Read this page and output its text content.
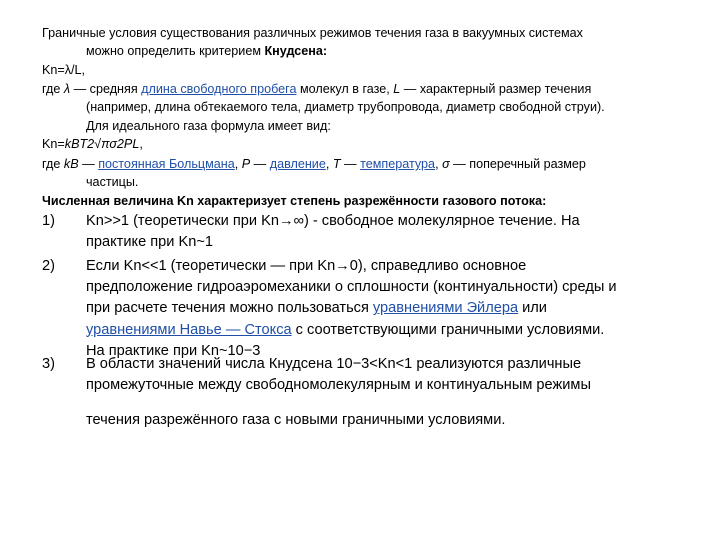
Граничные условия существования различных режимов течения газа в вакуумных системах
можно определить критерием Кнудсена:

Kn=λ/L,

где λ — средняя длина свободного пробега молекул в газе, L — характерный размер течения
(например, длина обтекаемого тела, диаметр трубопровода, диаметр свободной струи).
Для идеального газа формула имеет вид:

Kn=kBT2√πσ2PL,

где kB — постоянная Больцмана, P — давление, T — температура, σ — поперечный размер
частицы.

Численная величина Kn характеризует степень разрежённости газового потока:

1) Kn>>1 (теоретически при Kn→∞) - свободное молекулярное течение. На
практике при Kn~1

2) Если Kn<<1 (теоретически — при Kn→0), справедливо основное
предположение гидроаэромеханики о сплошности (континуальности) среды и
при расчете течения можно пользоваться уравнениями Эйлера или
уравнениями Навье — Стокса с соответствующими граничными условиями.
На практике при Kn~10−3

3) В области значений числа Кнудсена 10−3<Kn<1 реализуются различные
промежуточные между свободномолекулярным и континуальным режимы
течения разрежённого газа с новыми граничными условиями.
